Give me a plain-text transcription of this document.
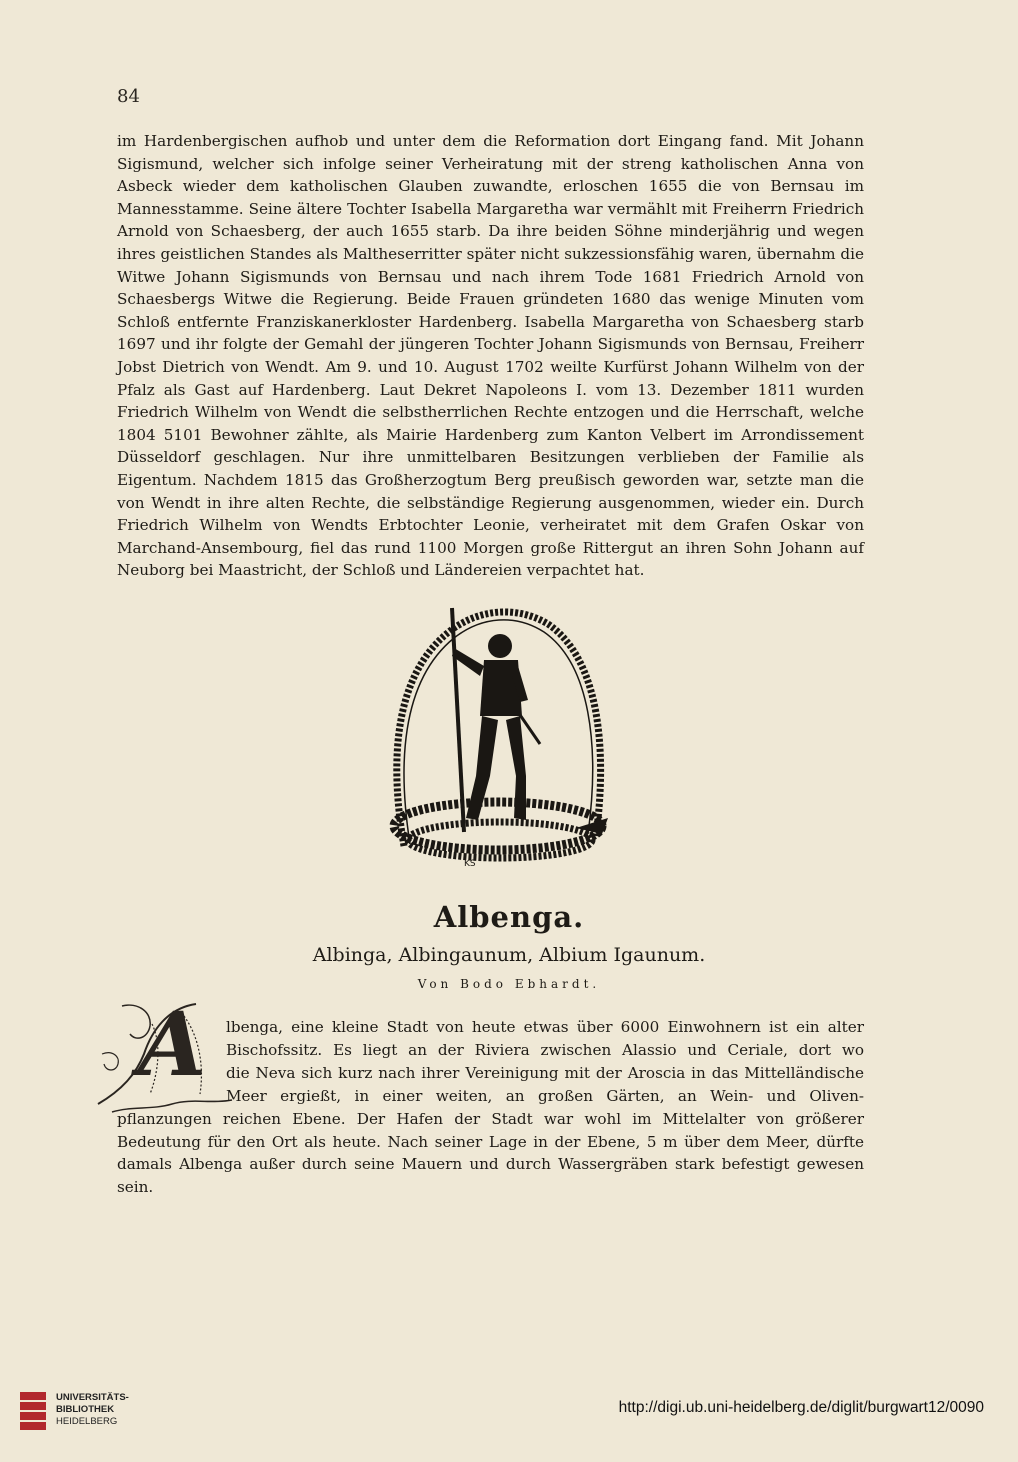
84

im Hardenbergischen aufhob und unter dem die Reformation dort Eingang fand. Mit Johann Sigismund, welcher sich infolge seiner Verheiratung mit der streng katholischen Anna von Asbeck wieder dem katholischen Glauben zuwandte, erloschen 1655 die von Bernsau im Mannesstamme. Seine ältere Tochter Isabella Margaretha war vermählt mit Freiherrn Friedrich Arnold von Schaesberg, der auch 1655 starb. Da ihre beiden Söhne minderjährig und wegen ihres geistlichen Standes als Maltheserritter später nicht sukzessionsfähig waren, übernahm die Witwe Johann Sigismunds von Bernsau und nach ihrem Tode 1681 Friedrich Arnold von Schaesbergs Witwe die Regierung. Beide Frauen gründeten 1680 das wenige Minuten vom Schloß entfernte Franziskanerkloster Hardenberg. Isabella Margaretha von Schaesberg starb 1697 und ihr folgte der Gemahl der jüngeren Tochter Johann Sigismunds von Bernsau, Freiherr Jobst Dietrich von Wendt. Am 9. und 10. August 1702 weilte Kurfürst Johann Wilhelm von der Pfalz als Gast auf Hardenberg. Laut Dekret Napoleons I. vom 13. Dezember 1811 wurden Friedrich Wilhelm von Wendt die selbstherrlichen Rechte entzogen und die Herrschaft, welche 1804 5101 Bewohner zählte, als Mairie Hardenberg zum Kanton Velbert im Arrondissement Düsseldorf geschlagen. Nur ihre unmittelbaren Besitzungen verblieben der Familie als Eigentum. Nachdem 1815 das Großherzogtum Berg preußisch geworden war, setzte man die von Wendt in ihre alten Rechte, die selbständige Regierung ausgenommen, wieder ein. Durch Friedrich Wilhelm von Wendts Erbtochter Leonie, verheiratet mit dem Grafen Oskar von Marchand-Ansembourg, fiel das rund 1100 Morgen große Rittergut an ihren Sohn Johann auf Neuborg bei Maastricht, der Schloß und Ländereien verpachtet hat.

KS
Albenga.
Albinga, Albingaunum, Albium Igaunum.
Von Bodo Ebhardt.
A lbenga, eine kleine Stadt von heute etwas über 6000 Einwohnern ist ein alter

Bischofssitz. Es liegt an der Riviera zwischen Alassio und Ceriale, dort wo

die Neva sich kurz nach ihrer Vereinigung mit der Aroscia in das Mittelländische

Meer ergießt, in einer weiten, an großen Gärten, an Wein- und Oliven-

pflanzungen reichen Ebene. Der Hafen der Stadt war wohl im Mittelalter von größerer Bedeutung für den Ort als heute. Nach seiner Lage in der Ebene, 5 m über dem Meer, dürfte damals Albenga außer durch seine Mauern und durch Wassergräben stark befestigt gewesen sein.

UNIVERSITÄTS-
BIBLIOTHEK
HEIDELBERG
http://digi.ub.uni-heidelberg.de/diglit/burgwart12/0090
